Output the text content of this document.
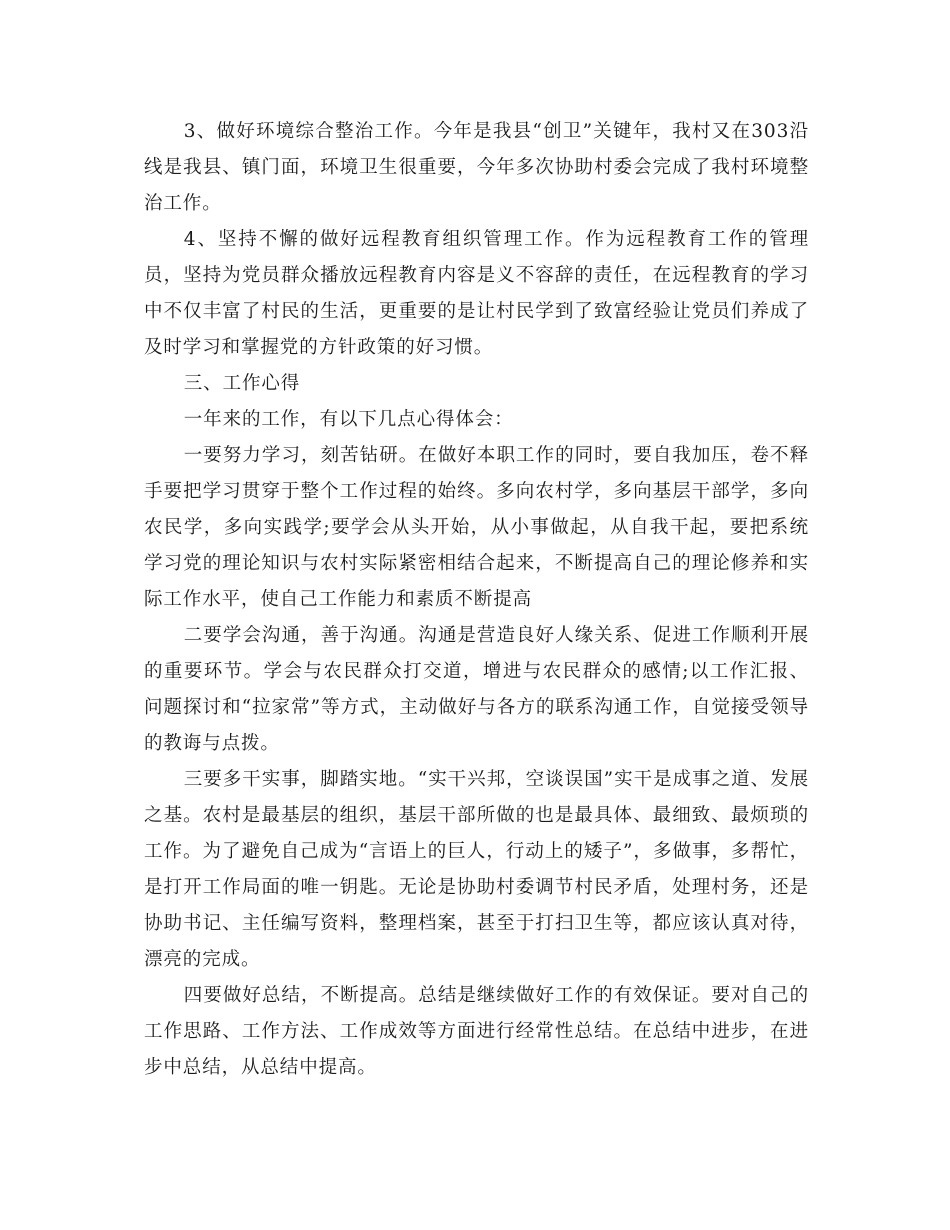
3、做好环境综合整治工作。今年是我县“创卫”关键年，我村又在303沿线是我县、镇门面，环境卫生很重要，今年多次协助村委会完成了我村环境整治工作。

4、坚持不懈的做好远程教育组织管理工作。作为远程教育工作的管理员，坚持为党员群众播放远程教育内容是义不容辞的责任，在远程教育的学习中不仅丰富了村民的生活，更重要的是让村民学到了致富经验让党员们养成了及时学习和掌握党的方针政策的好习惯。

三、工作心得

一年来的工作，有以下几点心得体会：

一要努力学习，刻苦钻研。在做好本职工作的同时，要自我加压，卷不释手要把学习贯穿于整个工作过程的始终。多向农村学，多向基层干部学，多向农民学，多向实践学;要学会从头开始，从小事做起，从自我干起，要把系统学习党的理论知识与农村实际紧密相结合起来，不断提高自己的理论修养和实际工作水平，使自己工作能力和素质不断提高

二要学会沟通，善于沟通。沟通是营造良好人缘关系、促进工作顺利开展的重要环节。学会与农民群众打交道，增进与农民群众的感情;以工作汇报、问题探讨和“拉家常”等方式，主动做好与各方的联系沟通工作，自觉接受领导的教诲与点拨。

三要多干实事，脚踏实地。“实干兴邦，空谈误国”实干是成事之道、发展之基。农村是最基层的组织，基层干部所做的也是最具体、最细致、最烦琐的工作。为了避免自己成为“言语上的巨人，行动上的矮子”，多做事，多帮忙，是打开工作局面的唯一钥匙。无论是协助村委调节村民矛盾，处理村务，还是协助书记、主任编写资料，整理档案，甚至于打扫卫生等，都应该认真对待，漂亮的完成。

四要做好总结，不断提高。总结是继续做好工作的有效保证。要对自己的工作思路、工作方法、工作成效等方面进行经常性总结。在总结中进步，在进步中总结，从总结中提高。
